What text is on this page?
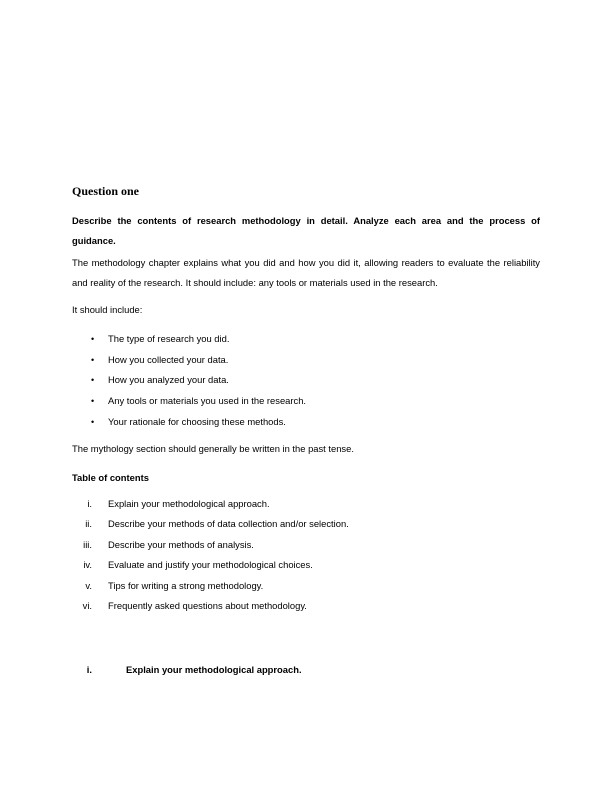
Question one

Describe the contents of research methodology in detail. Analyze each area and the process of guidance.

The methodology chapter explains what you did and how you did it, allowing readers to evaluate the reliability and reality of the research. It should include: any tools or materials used in the research.

It should include:

• The type of research you did.
• How you collected your data.
• How you analyzed your data.
• Any tools or materials you used in the research.
• Your rationale for choosing these methods.

The mythology section should generally be written in the past tense.

Table of contents
i. Explain your methodological approach.
ii. Describe your methods of data collection and/or selection.
iii. Describe your methods of analysis.
iv. Evaluate and justify your methodological choices.
v. Tips for writing a strong methodology.
vi. Frequently asked questions about methodology.
i.	Explain your methodological approach.
